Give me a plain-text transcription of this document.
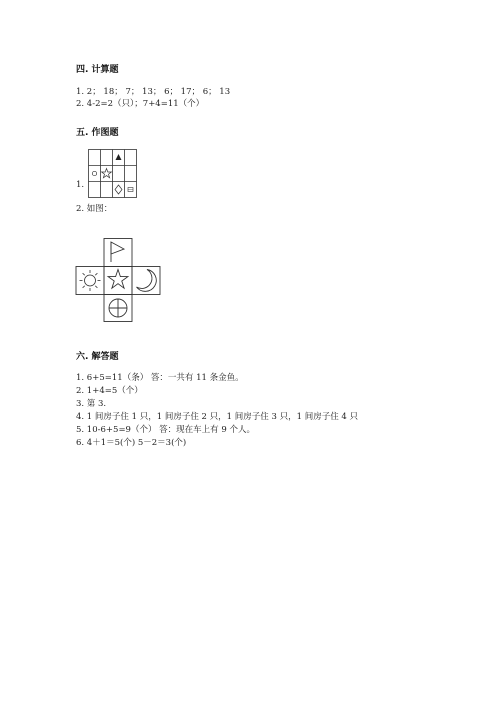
四. 计算题
1. 2； 18； 7； 13； 6； 17； 6； 13
2. 4-2=2（只）；7+4=11（个）
五. 作图题
1.
2. 如图：
六. 解答题
1. 6+5=11（条） 答：一共有 11 条金鱼。
2. 1+4=5（个）
3. 第 3.
4. 1 间房子住 1 只，1 间房子住 2 只，1 间房子住 3 只，1 间房子住 4 只
5. 10-6+5=9（个） 答：现在车上有 9 个人。
6. 4＋1＝5(个) 5－2＝3(个)
